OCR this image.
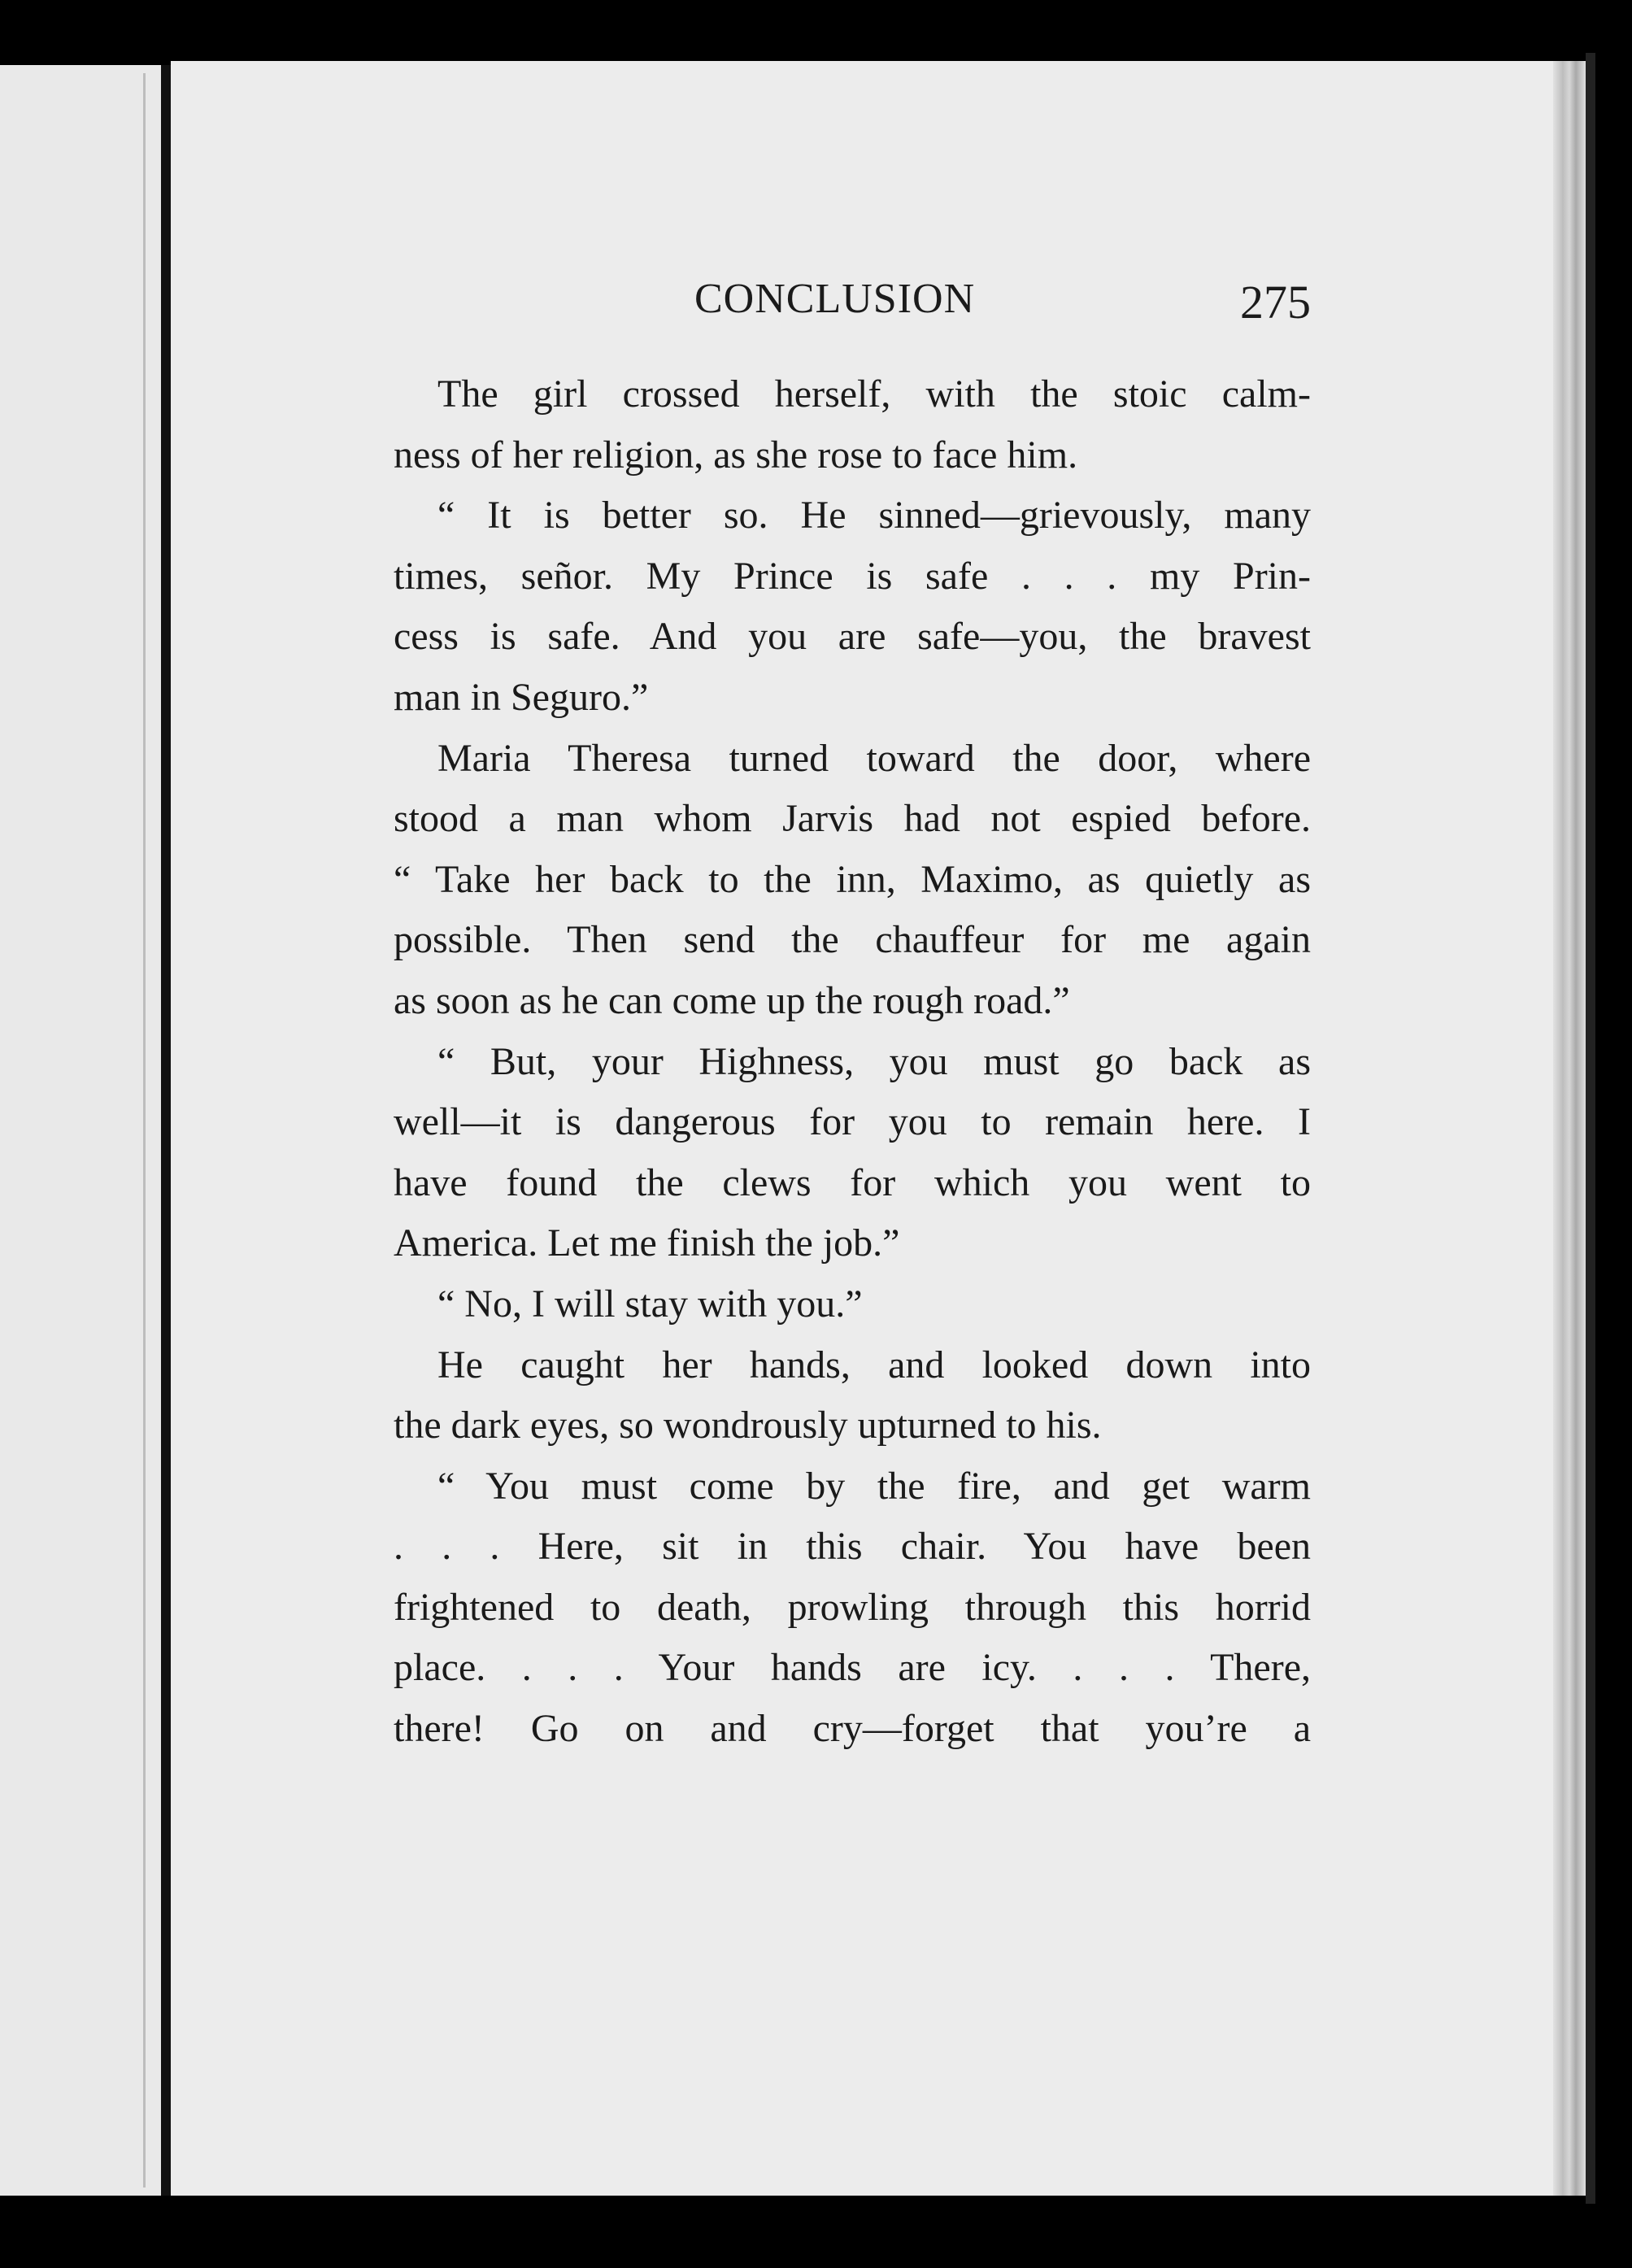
CONCLUSION	275
The girl crossed herself, with the stoic calm-
ness of her religion, as she rose to face him.
“ It is better so. He sinned—grievously, many
times, señor. My Prince is safe . . . my Prin-
cess is safe. And you are safe—you, the bravest
man in Seguro.”
Maria Theresa turned toward the door, where
stood a man whom Jarvis had not espied before.
“ Take her back to the inn, Maximo, as quietly as
possible. Then send the chauffeur for me again
as soon as he can come up the rough road.”
“ But, your Highness, you must go back as
well—it is dangerous for you to remain here. I
have found the clews for which you went to
America. Let me finish the job.”
“ No, I will stay with you.”
He caught her hands, and looked down into
the dark eyes, so wondrously upturned to his.
“ You must come by the fire, and get warm
. . . Here, sit in this chair. You have been
frightened to death, prowling through this horrid
place. . . . Your hands are icy. . . . There,
there! Go on and cry—forget that you’re a
